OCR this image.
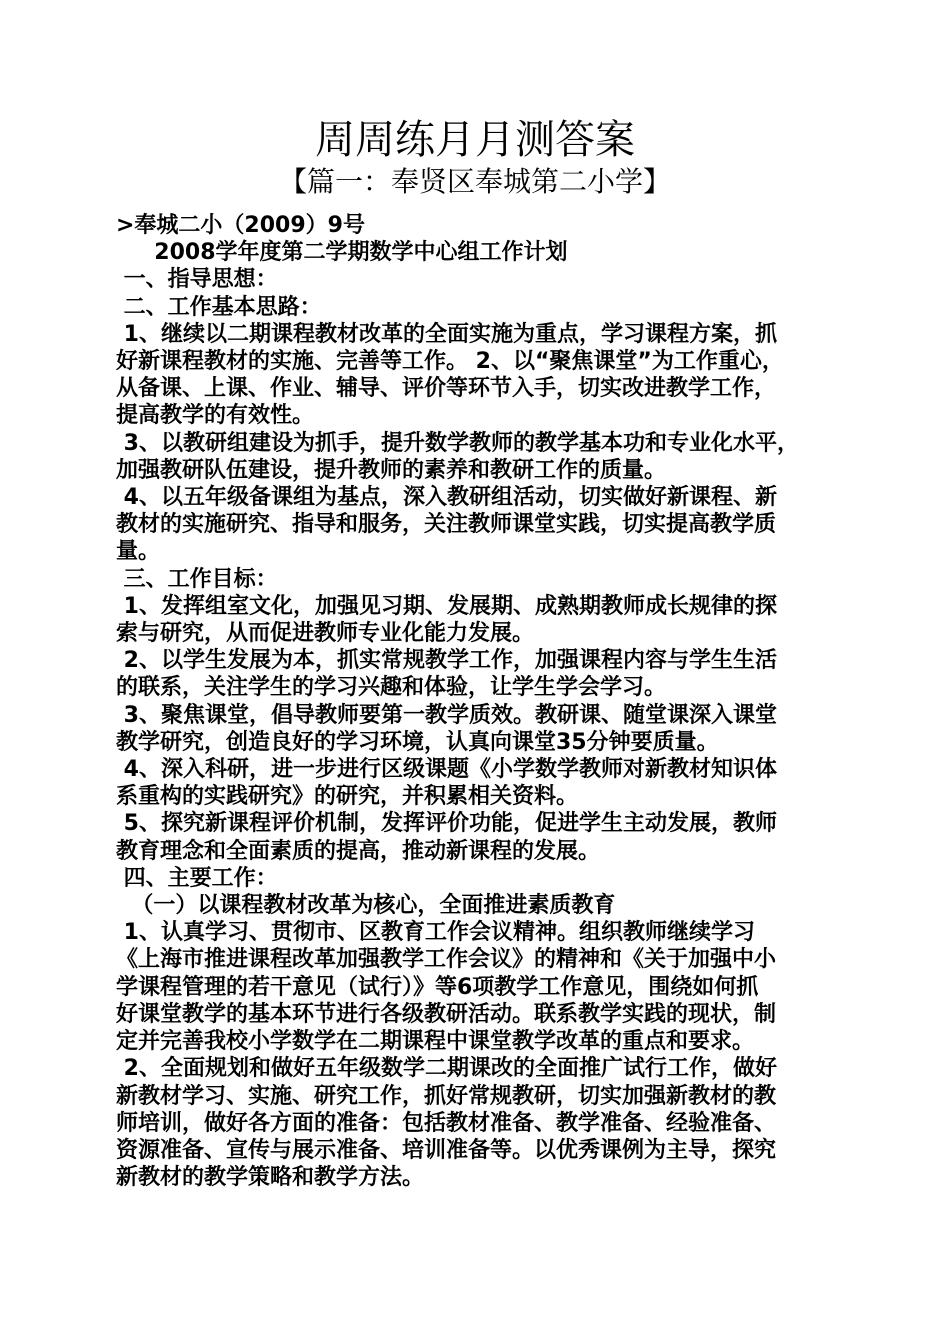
周周练月月测答案
【篇一：奉贤区奉城第二小学】

>奉城二小（2009）9号

2008学年度第二学期数学中心组工作计划

一、指导思想：

二、工作基本思路：

1、继续以二期课程教材改革的全面实施为重点，学习课程方案，抓

好新课程教材的实施、完善等工作。 2、以“聚焦课堂”为工作重心，

从备课、上课、作业、辅导、评价等环节入手，切实改进教学工作，

提高教学的有效性。

3、以教研组建设为抓手，提升数学教师的教学基本功和专业化水平，

加强教研队伍建设，提升教师的素养和教研工作的质量。

4、以五年级备课组为基点，深入教研组活动，切实做好新课程、新

教材的实施研究、指导和服务，关注教师课堂实践，切实提高教学质

量。

三、工作目标：

1、发挥组室文化，加强见习期、发展期、成熟期教师成长规律的探

索与研究，从而促进教师专业化能力发展。

2、以学生发展为本，抓实常规教学工作，加强课程内容与学生生活

的联系，关注学生的学习兴趣和体验，让学生学会学习。

3、聚焦课堂，倡导教师要第一教学质效。教研课、随堂课深入课堂

教学研究，创造良好的学习环境，认真向课堂35分钟要质量。

4、深入科研，进一步进行区级课题《小学数学教师对新教材知识体

系重构的实践研究》的研究，并积累相关资料。

5、探究新课程评价机制，发挥评价功能，促进学生主动发展，教师

教育理念和全面素质的提高，推动新课程的发展。

四、主要工作：

（一）以课程教材改革为核心，全面推进素质教育

1、认真学习、贯彻市、区教育工作会议精神。组织教师继续学习

《上海市推进课程改革加强教学工作会议》的精神和《关于加强中小

学课程管理的若干意见（试行）》等6项教学工作意见，围绕如何抓

好课堂教学的基本环节进行各级教研活动。联系教学实践的现状，制

定并完善我校小学数学在二期课程中课堂教学改革的重点和要求。

2、全面规划和做好五年级数学二期课改的全面推广试行工作，做好

新教材学习、实施、研究工作，抓好常规教研，切实加强新教材的教

师培训，做好各方面的准备：包括教材准备、教学准备、经验准备、

资源准备、宣传与展示准备、培训准备等。以优秀课例为主导，探究

新教材的教学策略和教学方法。
